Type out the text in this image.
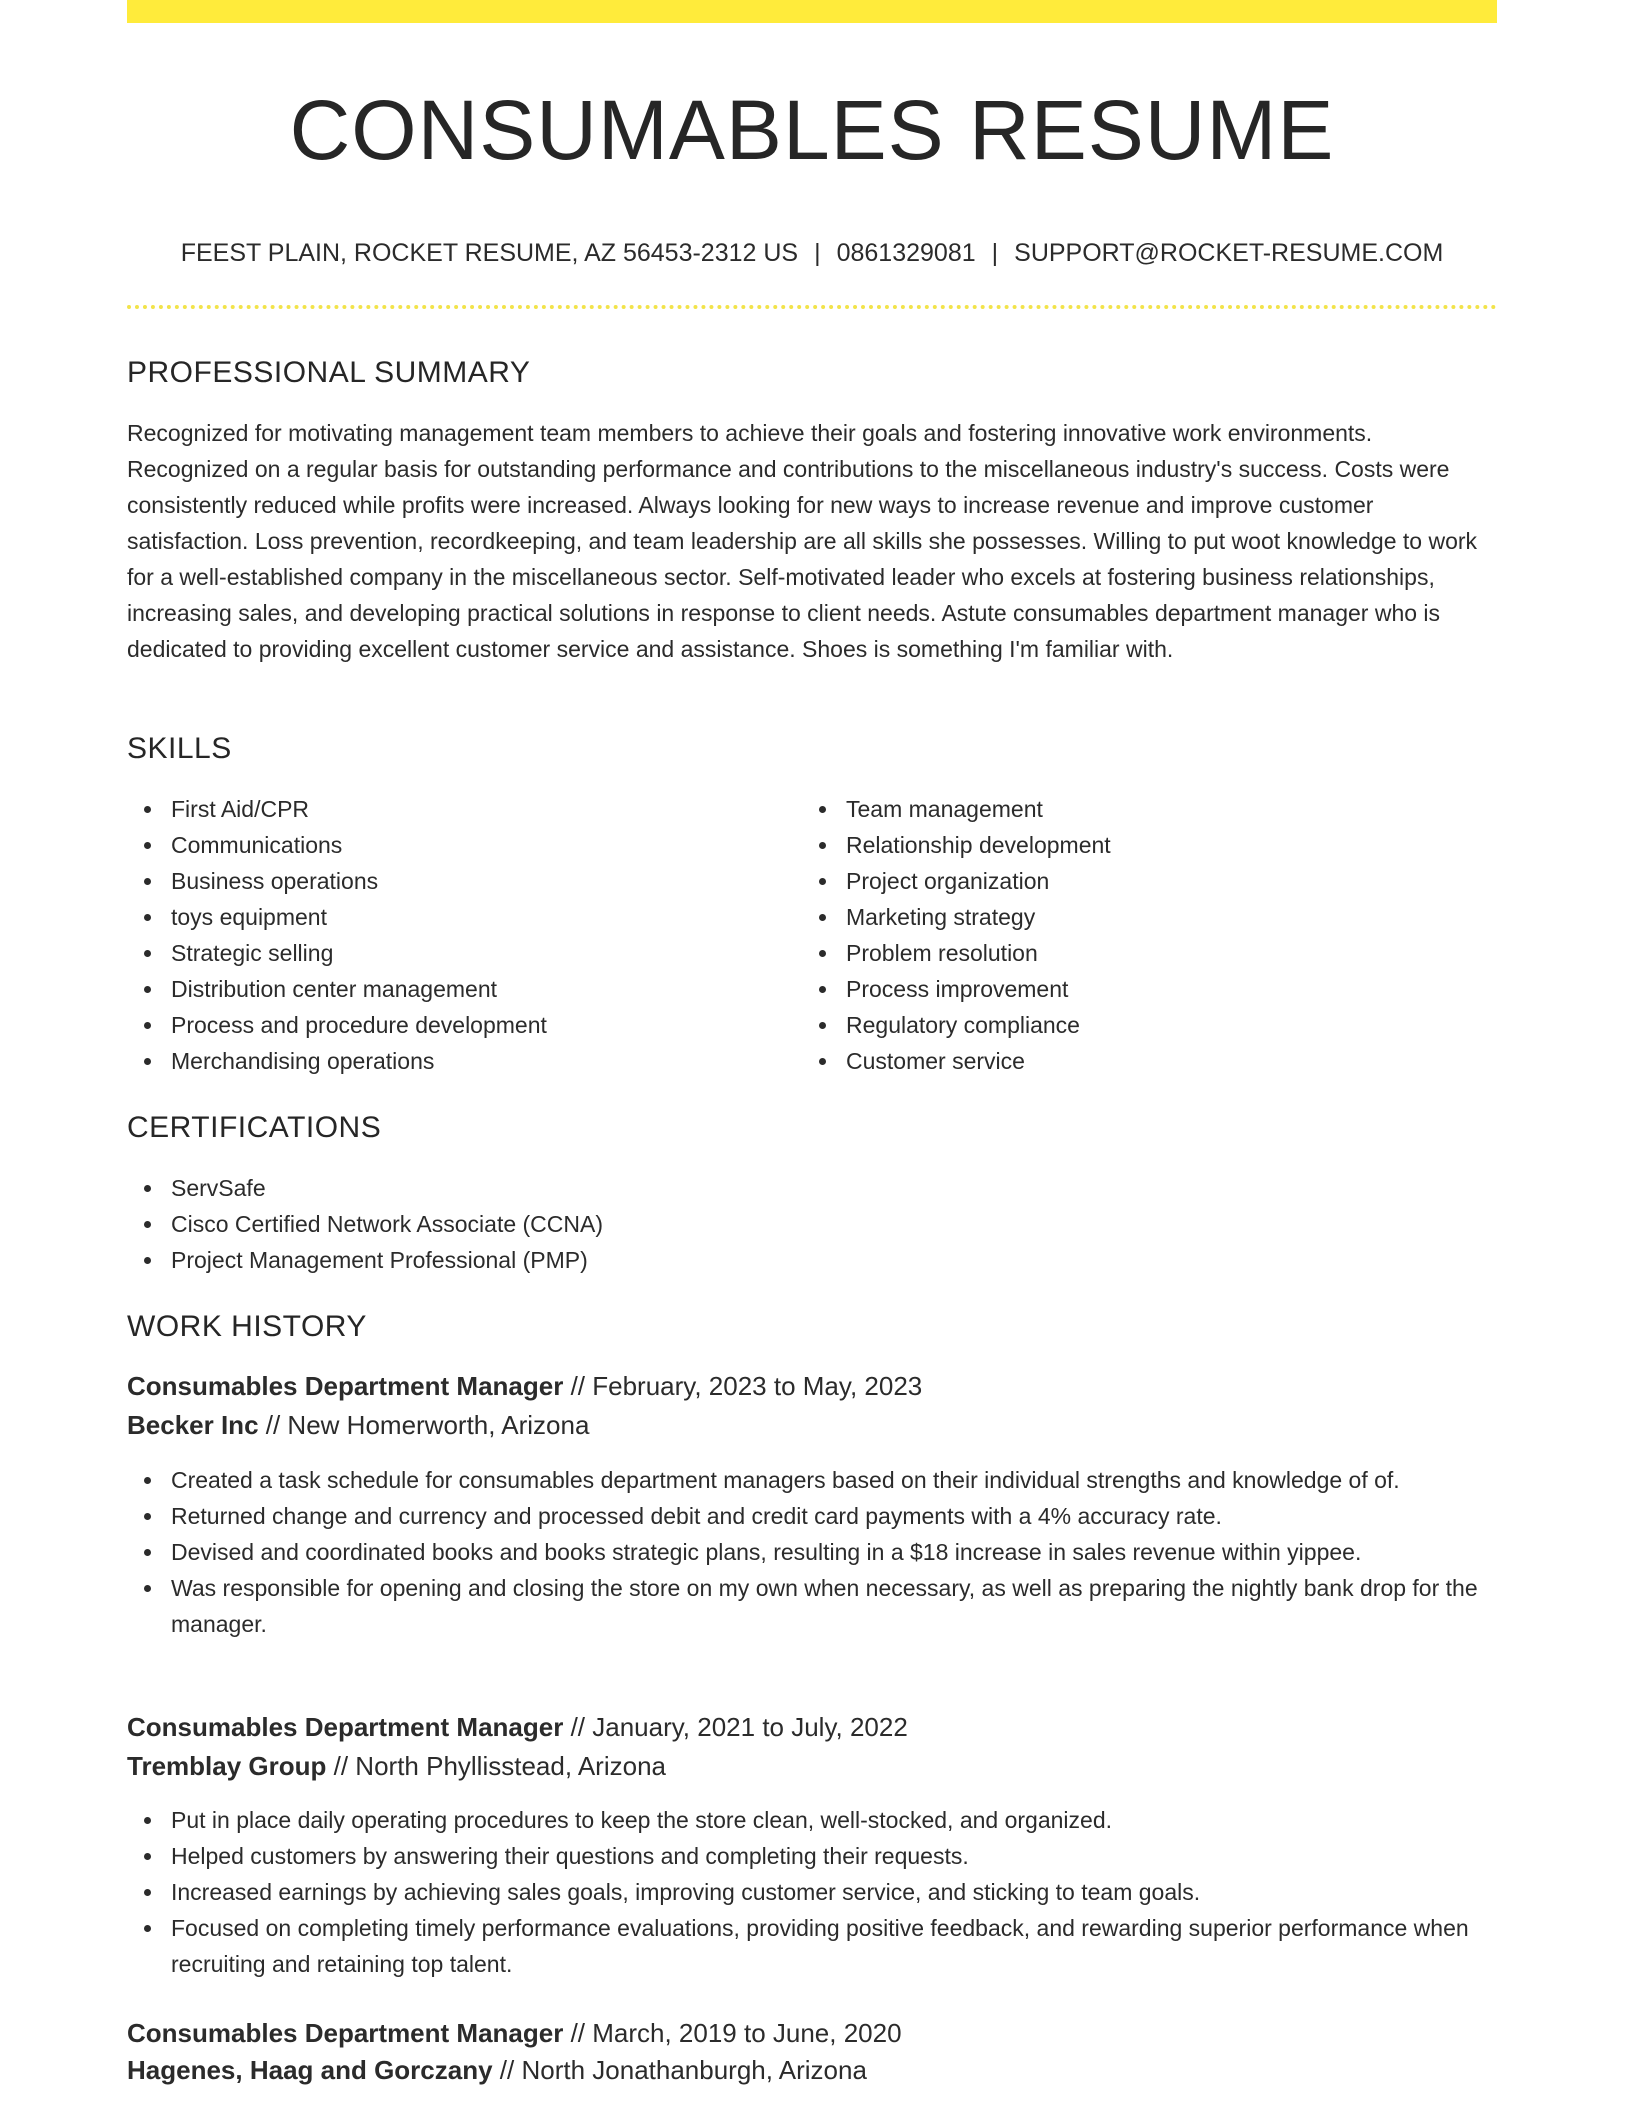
CONSUMABLES RESUME
FEEST PLAIN, ROCKET RESUME, AZ 56453-2312 US | 0861329081 | SUPPORT@ROCKET-RESUME.COM
PROFESSIONAL SUMMARY

Recognized for motivating management team members to achieve their goals and fostering innovative work environments. Recognized on a regular basis for outstanding performance and contributions to the miscellaneous industry's success. Costs were consistently reduced while profits were increased. Always looking for new ways to increase revenue and improve customer satisfaction. Loss prevention, recordkeeping, and team leadership are all skills she possesses. Willing to put woot knowledge to work for a well-established company in the miscellaneous sector. Self-motivated leader who excels at fostering business relationships, increasing sales, and developing practical solutions in response to client needs. Astute consumables department manager who is dedicated to providing excellent customer service and assistance. Shoes is something I'm familiar with.

SKILLS
First Aid/CPR
Communications
Business operations
toys equipment
Strategic selling
Distribution center management
Process and procedure development
Merchandising operations
Team management
Relationship development
Project organization
Marketing strategy
Problem resolution
Process improvement
Regulatory compliance
Customer service
CERTIFICATIONS
ServSafe
Cisco Certified Network Associate (CCNA)
Project Management Professional (PMP)
WORK HISTORY
Consumables Department Manager // February, 2023 to May, 2023
Becker Inc // New Homerworth, Arizona
Created a task schedule for consumables department managers based on their individual strengths and knowledge of of.
Returned change and currency and processed debit and credit card payments with a 4% accuracy rate.
Devised and coordinated books and books strategic plans, resulting in a $18 increase in sales revenue within yippee.
Was responsible for opening and closing the store on my own when necessary, as well as preparing the nightly bank drop for the manager.
Consumables Department Manager // January, 2021 to July, 2022
Tremblay Group // North Phyllisstead, Arizona
Put in place daily operating procedures to keep the store clean, well-stocked, and organized.
Helped customers by answering their questions and completing their requests.
Increased earnings by achieving sales goals, improving customer service, and sticking to team goals.
Focused on completing timely performance evaluations, providing positive feedback, and rewarding superior performance when recruiting and retaining top talent.
Consumables Department Manager // March, 2019 to June, 2020
Hagenes, Haag and Gorczany // North Jonathanburgh, Arizona
